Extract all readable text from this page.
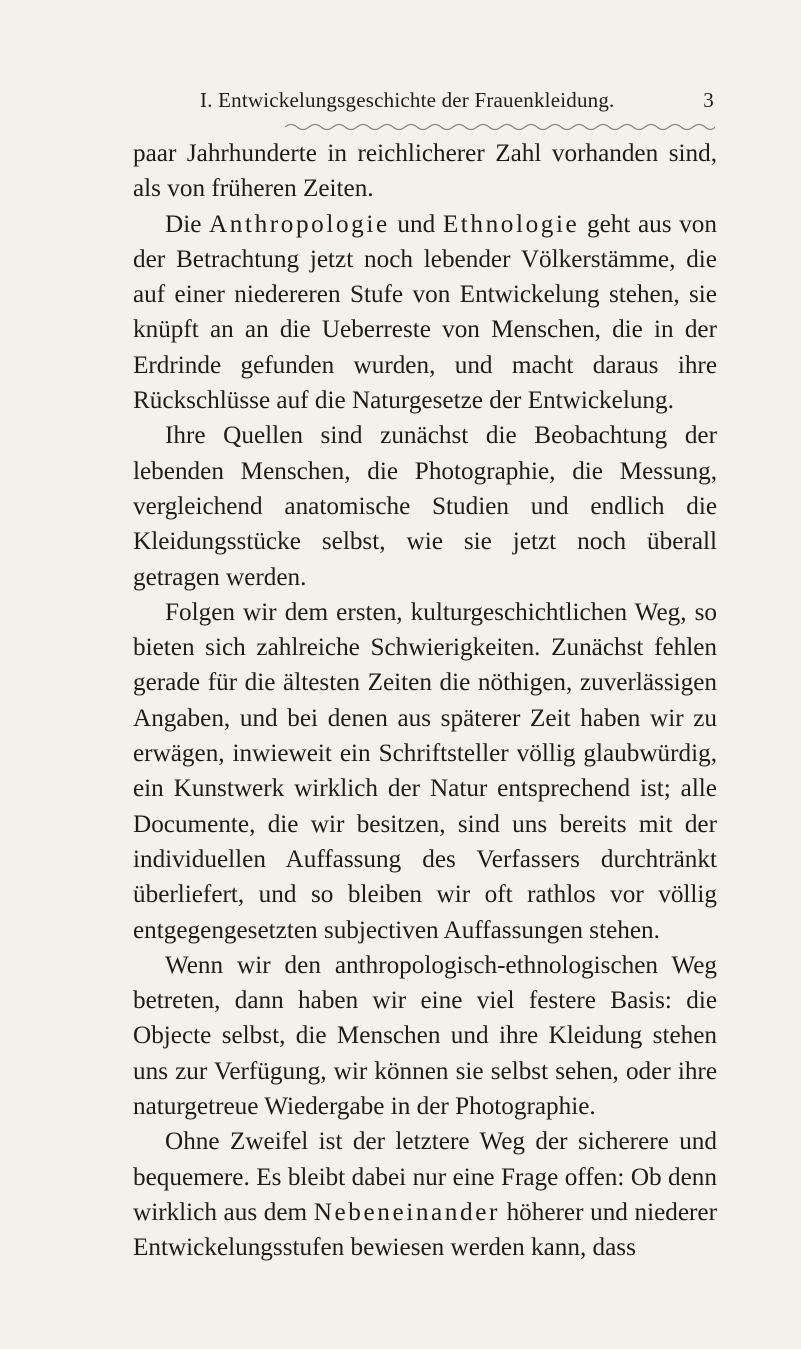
I. Entwickelungsgeschichte der Frauenkleidung.	3

paar Jahrhunderte in reichlicherer Zahl vorhanden sind, als von früheren Zeiten.

Die Anthropologie und Ethnologie geht aus von der Betrachtung jetzt noch lebender Völkerstämme, die auf einer niedereren Stufe von Entwickelung stehen, sie knüpft an an die Ueberreste von Menschen, die in der Erdrinde gefunden wurden, und macht daraus ihre Rückschlüsse auf die Naturgesetze der Entwickelung.

Ihre Quellen sind zunächst die Beobachtung der lebenden Menschen, die Photographie, die Messung, vergleichend anatomische Studien und endlich die Kleidungsstücke selbst, wie sie jetzt noch überall getragen werden.

Folgen wir dem ersten, kulturgeschichtlichen Weg, so bieten sich zahlreiche Schwierigkeiten. Zunächst fehlen gerade für die ältesten Zeiten die nöthigen, zuverlässigen Angaben, und bei denen aus späterer Zeit haben wir zu erwägen, inwieweit ein Schriftsteller völlig glaubwürdig, ein Kunstwerk wirklich der Natur entsprechend ist; alle Documente, die wir besitzen, sind uns bereits mit der individuellen Auffassung des Verfassers durchtränkt überliefert, und so bleiben wir oft rathlos vor völlig entgegengesetzten subjectiven Auffassungen stehen.

Wenn wir den anthropologisch-ethnologischen Weg betreten, dann haben wir eine viel festere Basis: die Objecte selbst, die Menschen und ihre Kleidung stehen uns zur Verfügung, wir können sie selbst sehen, oder ihre naturgetreue Wiedergabe in der Photographie.

Ohne Zweifel ist der letztere Weg der sicherere und bequemere. Es bleibt dabei nur eine Frage offen: Ob denn wirklich aus dem Nebeneinander höherer und niederer Entwickelungsstufen bewiesen werden kann, dass
